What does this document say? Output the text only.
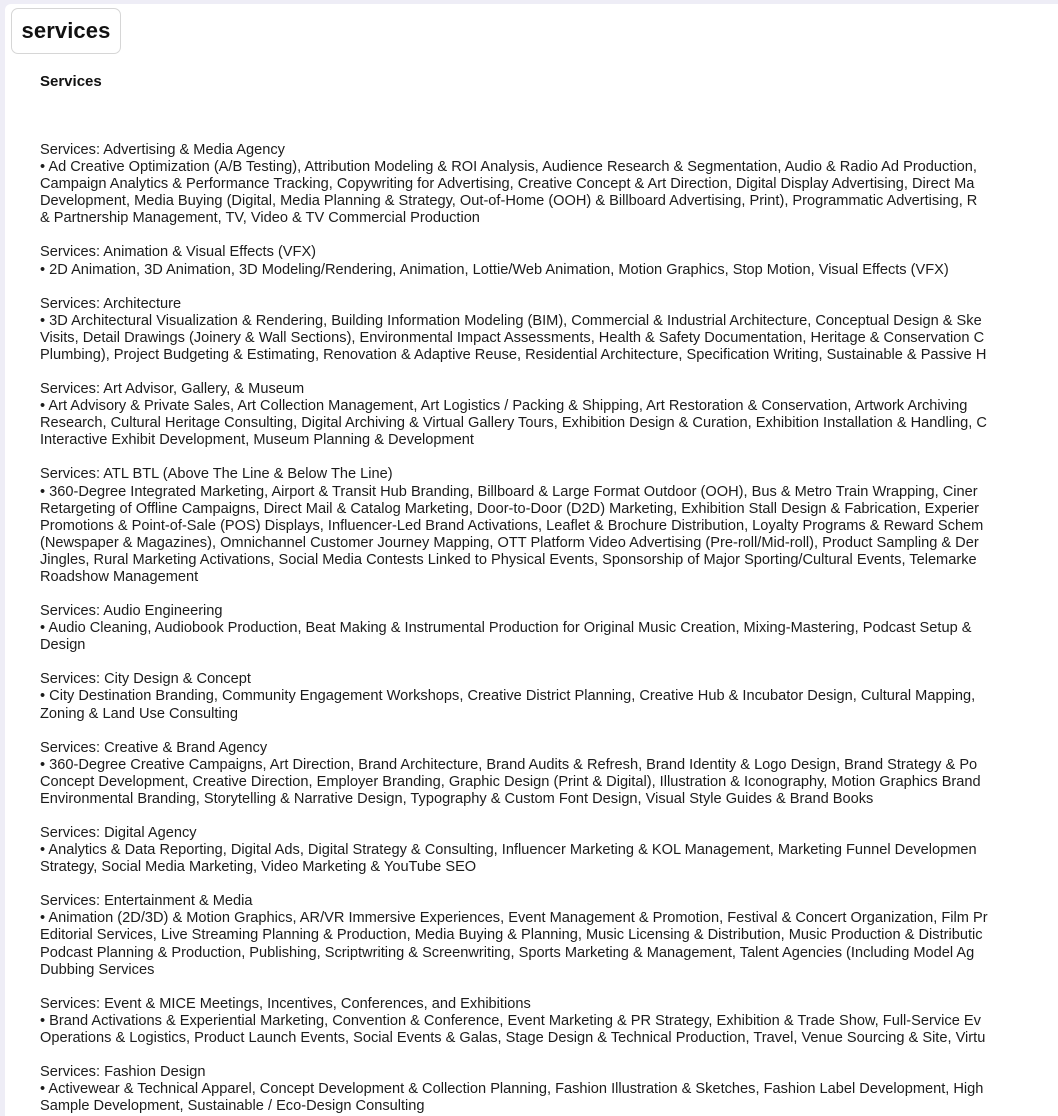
services
Services
Services: Advertising & Media Agency
• Ad Creative Optimization (A/B Testing), Attribution Modeling & ROI Analysis, Audience Research & Segmentation, Audio & Radio Ad Production,
Campaign Analytics & Performance Tracking, Copywriting for Advertising, Creative Concept & Art Direction, Digital Display Advertising, Direct Ma
Development, Media Buying (Digital, Media Planning & Strategy, Out-of-Home (OOH) & Billboard Advertising, Print), Programmatic Advertising, R
& Partnership Management, TV, Video & TV Commercial Production
Services: Animation & Visual Effects (VFX)
• 2D Animation, 3D Animation, 3D Modeling/Rendering, Animation, Lottie/Web Animation, Motion Graphics, Stop Motion, Visual Effects (VFX)
Services: Architecture
• 3D Architectural Visualization & Rendering, Building Information Modeling (BIM), Commercial & Industrial Architecture, Conceptual Design & Ske
Visits, Detail Drawings (Joinery & Wall Sections), Environmental Impact Assessments, Health & Safety Documentation, Heritage & Conservation C
Plumbing), Project Budgeting & Estimating, Renovation & Adaptive Reuse, Residential Architecture, Specification Writing, Sustainable & Passive H
Services: Art Advisor, Gallery, & Museum
• Art Advisory & Private Sales, Art Collection Management, Art Logistics / Packing & Shipping, Art Restoration & Conservation, Artwork Archiving
Research, Cultural Heritage Consulting, Digital Archiving & Virtual Gallery Tours, Exhibition Design & Curation, Exhibition Installation & Handling, C
Interactive Exhibit Development, Museum Planning & Development
Services: ATL BTL (Above The Line & Below The Line)
• 360-Degree Integrated Marketing, Airport & Transit Hub Branding, Billboard & Large Format Outdoor (OOH), Bus & Metro Train Wrapping, Ciner
Retargeting of Offline Campaigns, Direct Mail & Catalog Marketing, Door-to-Door (D2D) Marketing, Exhibition Stall Design & Fabrication, Experier
Promotions & Point-of-Sale (POS) Displays, Influencer-Led Brand Activations, Leaflet & Brochure Distribution, Loyalty Programs & Reward Schem
(Newspaper & Magazines), Omnichannel Customer Journey Mapping, OTT Platform Video Advertising (Pre-roll/Mid-roll), Product Sampling & Der
Jingles, Rural Marketing Activations, Social Media Contests Linked to Physical Events, Sponsorship of Major Sporting/Cultural Events, Telemarke
Roadshow Management
Services: Audio Engineering
• Audio Cleaning, Audiobook Production, Beat Making & Instrumental Production for Original Music Creation, Mixing-Mastering, Podcast Setup &
Design
Services: City Design & Concept
• City Destination Branding, Community Engagement Workshops, Creative District Planning, Creative Hub & Incubator Design, Cultural Mapping,
Zoning & Land Use Consulting
Services: Creative & Brand Agency
• 360-Degree Creative Campaigns, Art Direction, Brand Architecture, Brand Audits & Refresh, Brand Identity & Logo Design, Brand Strategy & Po
Concept Development, Creative Direction, Employer Branding, Graphic Design (Print & Digital), Illustration & Iconography, Motion Graphics Brand
Environmental Branding, Storytelling & Narrative Design, Typography & Custom Font Design, Visual Style Guides & Brand Books
Services: Digital Agency
• Analytics & Data Reporting, Digital Ads, Digital Strategy & Consulting, Influencer Marketing & KOL Management, Marketing Funnel Developmen
Strategy, Social Media Marketing, Video Marketing & YouTube SEO
Services: Entertainment & Media
• Animation (2D/3D) & Motion Graphics, AR/VR Immersive Experiences, Event Management & Promotion, Festival & Concert Organization, Film Pr
Editorial Services, Live Streaming Planning & Production, Media Buying & Planning, Music Licensing & Distribution, Music Production & Distributic
Podcast Planning & Production, Publishing, Scriptwriting & Screenwriting, Sports Marketing & Management, Talent Agencies (Including Model Ag
Dubbing Services
Services: Event & MICE Meetings, Incentives, Conferences, and Exhibitions
• Brand Activations & Experiential Marketing, Convention & Conference, Event Marketing & PR Strategy, Exhibition & Trade Show, Full-Service Ev
Operations & Logistics, Product Launch Events, Social Events & Galas, Stage Design & Technical Production, Travel, Venue Sourcing & Site, Virtu
Services: Fashion Design
• Activewear & Technical Apparel, Concept Development & Collection Planning, Fashion Illustration & Sketches, Fashion Label Development, High
Sample Development, Sustainable / Eco-Design Consulting
